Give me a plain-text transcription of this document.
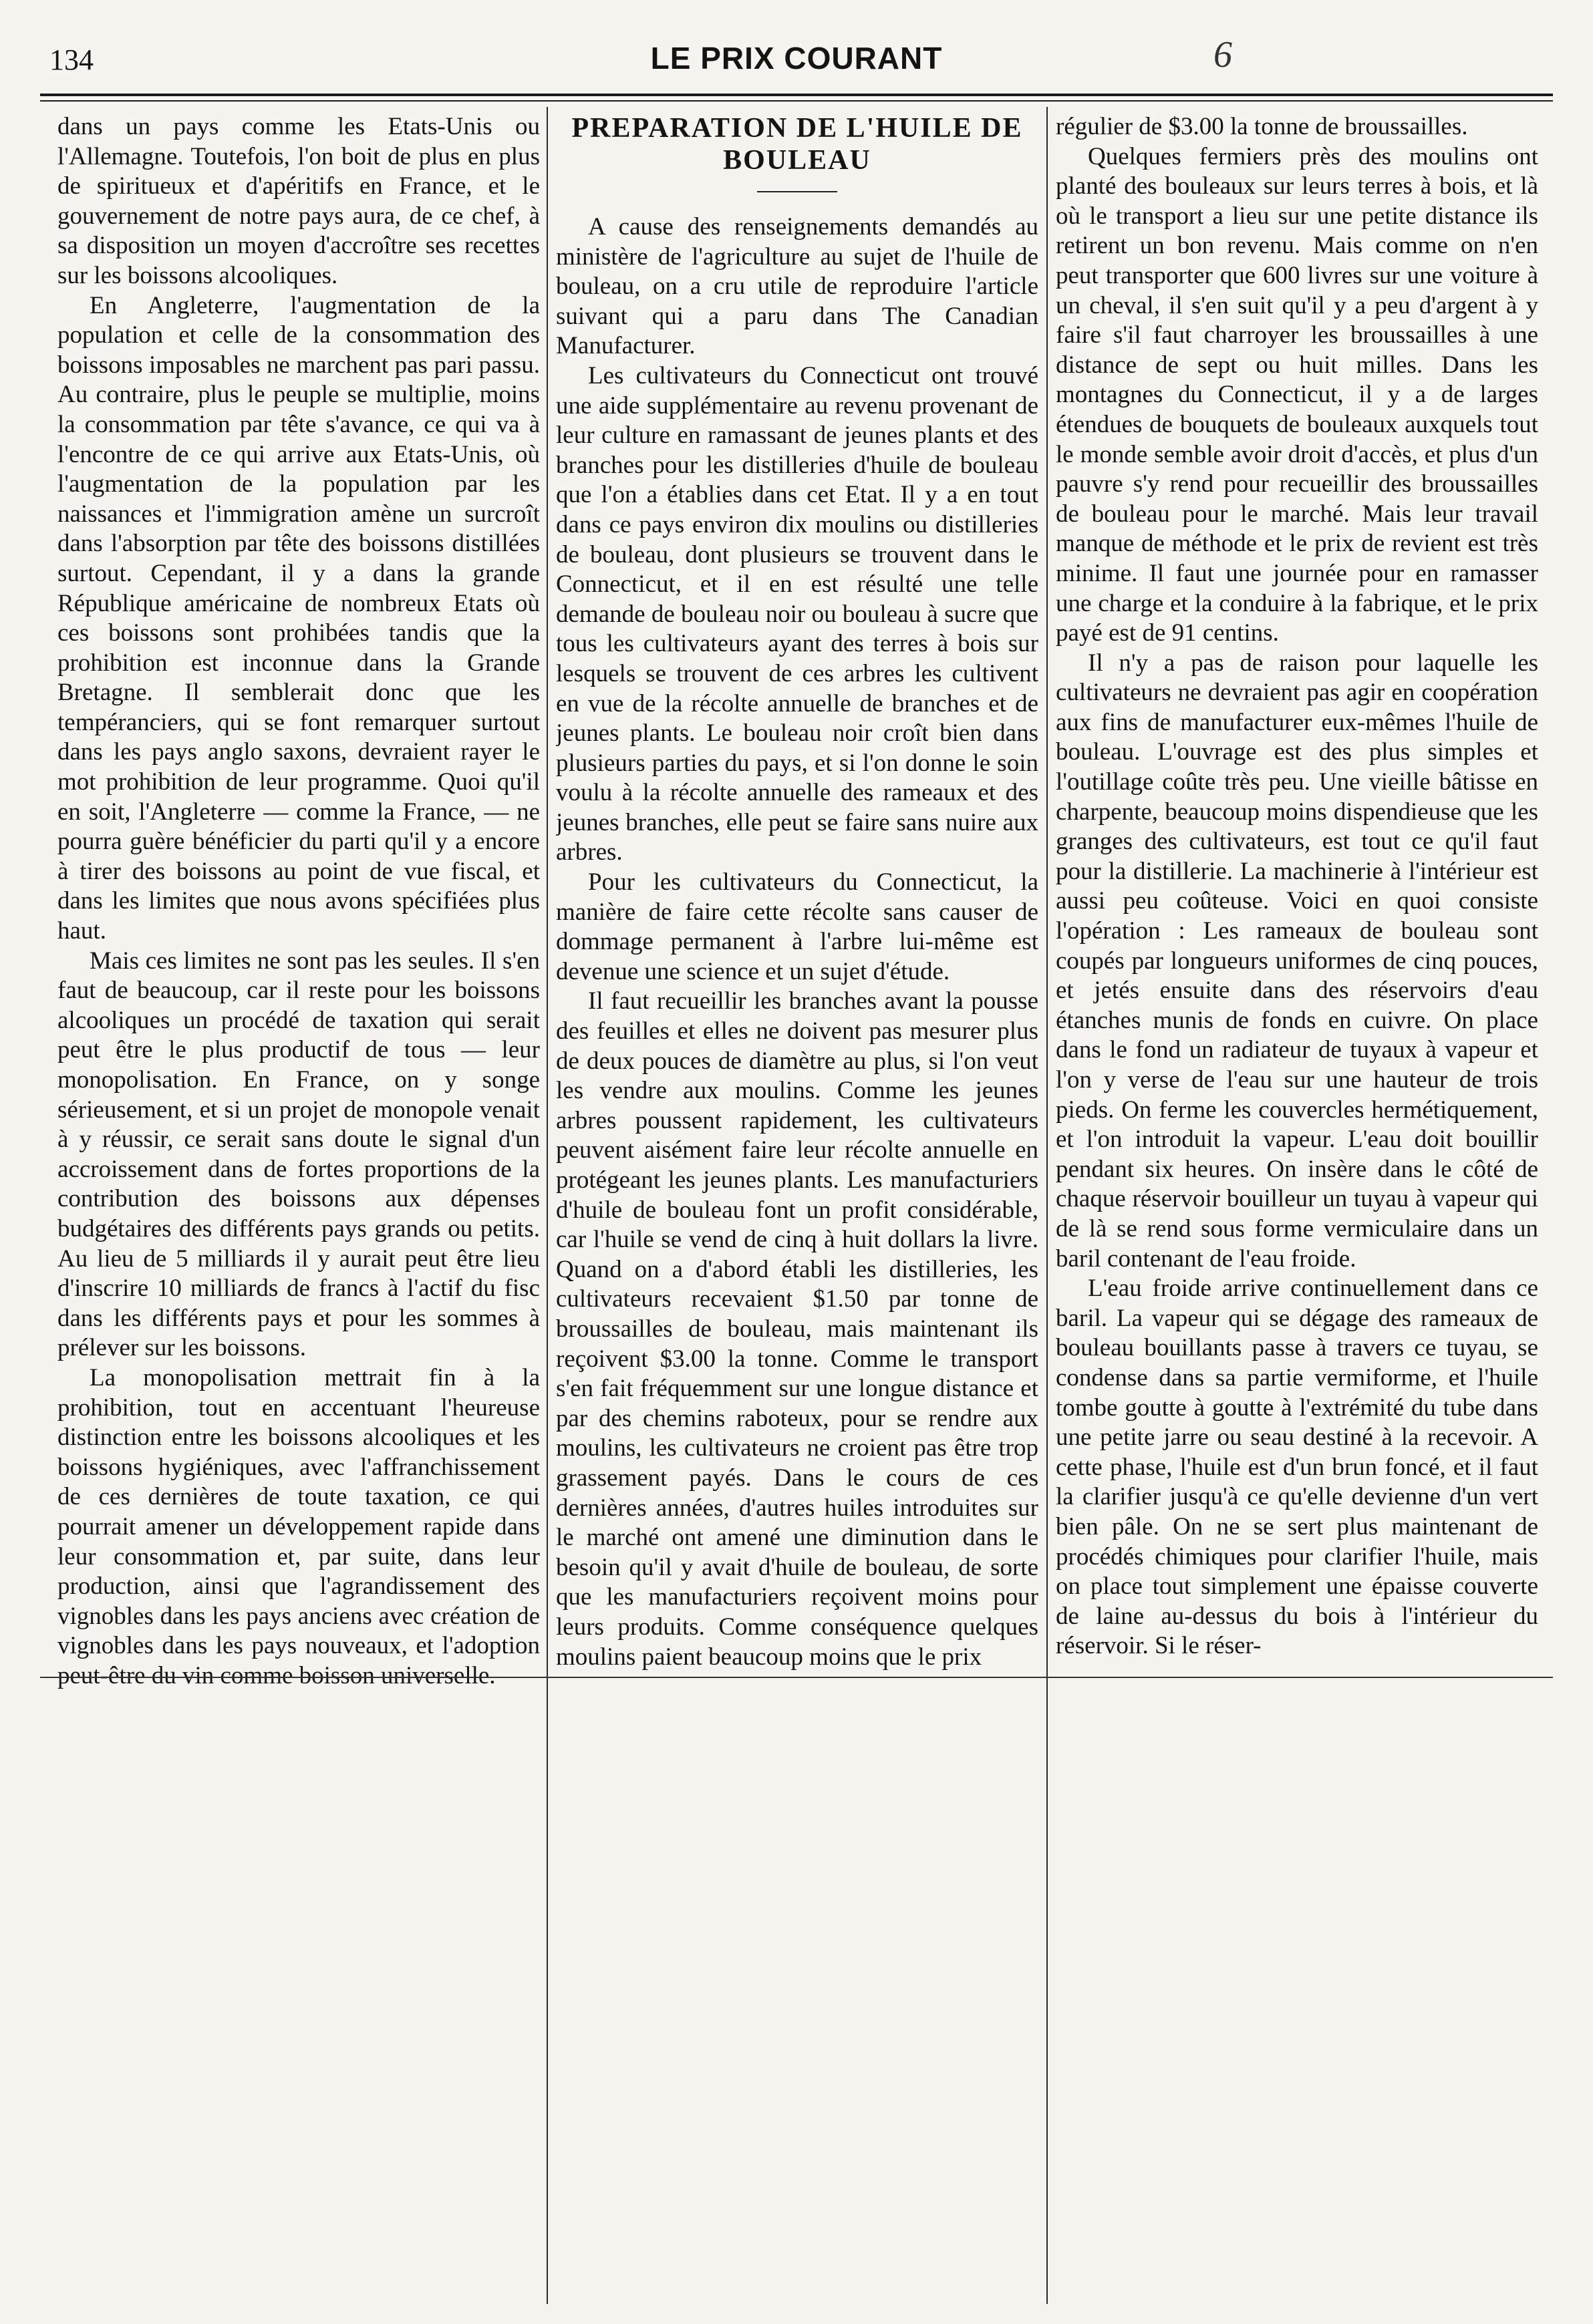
134	LE PRIX COURANT	6

dans un pays comme les Etats-Unis ou l'Allemagne. Toutefois, l'on boit de plus en plus de spiritueux et d'apéritifs en France, et le gouvernement de notre pays aura, de ce chef, à sa disposition un moyen d'accroître ses recettes sur les boissons alcooliques.

En Angleterre, l'augmentation de la population et celle de la consommation des boissons imposables ne marchent pas pari passu. Au contraire, plus le peuple se multiplie, moins la consommation par tête s'avance, ce qui va à l'encontre de ce qui arrive aux Etats-Unis, où l'augmentation de la population par les naissances et l'immigration amène un surcroît dans l'absorption par tête des boissons distillées surtout. Cependant, il y a dans la grande République américaine de nombreux Etats où ces boissons sont prohibées tandis que la prohibition est inconnue dans la Grande Bretagne. Il semblerait donc que les tempéranciers, qui se font remarquer surtout dans les pays anglo saxons, devraient rayer le mot prohibition de leur programme. Quoi qu'il en soit, l'Angleterre — comme la France, — ne pourra guère bénéficier du parti qu'il y a encore à tirer des boissons au point de vue fiscal, et dans les limites que nous avons spécifiées plus haut.

Mais ces limites ne sont pas les seules. Il s'en faut de beaucoup, car il reste pour les boissons alcooliques un procédé de taxation qui serait peut être le plus productif de tous — leur monopolisation. En France, on y songe sérieusement, et si un projet de monopole venait à y réussir, ce serait sans doute le signal d'un accroissement dans de fortes proportions de la contribution des boissons aux dépenses budgétaires des différents pays grands ou petits. Au lieu de 5 milliards il y aurait peut être lieu d'inscrire 10 milliards de francs à l'actif du fisc dans les différents pays et pour les sommes à prélever sur les boissons.

La monopolisation mettrait fin à la prohibition, tout en accentuant l'heureuse distinction entre les boissons alcooliques et les boissons hygiéniques, avec l'affranchissement de ces dernières de toute taxation, ce qui pourrait amener un développement rapide dans leur consommation et, par suite, dans leur production, ainsi que l'agrandissement des vignobles dans les pays anciens avec création de vignobles dans les pays nouveaux, et l'adoption peut-être du vin comme boisson universelle.

PREPARATION DE L'HUILE DE BOULEAU

A cause des renseignements demandés au ministère de l'agriculture au sujet de l'huile de bouleau, on a cru utile de reproduire l'article suivant qui a paru dans The Canadian Manufacturer.

Les cultivateurs du Connecticut ont trouvé une aide supplémentaire au revenu provenant de leur culture en ramassant de jeunes plants et des branches pour les distilleries d'huile de bouleau que l'on a établies dans cet Etat. Il y a en tout dans ce pays environ dix moulins ou distilleries de bouleau, dont plusieurs se trouvent dans le Connecticut, et il en est résulté une telle demande de bouleau noir ou bouleau à sucre que tous les cultivateurs ayant des terres à bois sur lesquels se trouvent de ces arbres les cultivent en vue de la récolte annuelle de branches et de jeunes plants. Le bouleau noir croît bien dans plusieurs parties du pays, et si l'on donne le soin voulu à la récolte annuelle des rameaux et des jeunes branches, elle peut se faire sans nuire aux arbres.

Pour les cultivateurs du Connecticut, la manière de faire cette récolte sans causer de dommage permanent à l'arbre lui-même est devenue une science et un sujet d'étude.

Il faut recueillir les branches avant la pousse des feuilles et elles ne doivent pas mesurer plus de deux pouces de diamètre au plus, si l'on veut les vendre aux moulins. Comme les jeunes arbres poussent rapidement, les cultivateurs peuvent aisément faire leur récolte annuelle en protégeant les jeunes plants. Les manufacturiers d'huile de bouleau font un profit considérable, car l'huile se vend de cinq à huit dollars la livre. Quand on a d'abord établi les distilleries, les cultivateurs recevaient $1.50 par tonne de broussailles de bouleau, mais maintenant ils reçoivent $3.00 la tonne. Comme le transport s'en fait fréquemment sur une longue distance et par des chemins raboteux, pour se rendre aux moulins, les cultivateurs ne croient pas être trop grassement payés. Dans le cours de ces dernières années, d'autres huiles introduites sur le marché ont amené une diminution dans le besoin qu'il y avait d'huile de bouleau, de sorte que les manufacturiers reçoivent moins pour leurs produits. Comme conséquence quelques moulins paient beaucoup moins que le prix

régulier de $3.00 la tonne de broussailles.

Quelques fermiers près des moulins ont planté des bouleaux sur leurs terres à bois, et là où le transport a lieu sur une petite distance ils retirent un bon revenu. Mais comme on n'en peut transporter que 600 livres sur une voiture à un cheval, il s'en suit qu'il y a peu d'argent à y faire s'il faut charroyer les broussailles à une distance de sept ou huit milles. Dans les montagnes du Connecticut, il y a de larges étendues de bouquets de bouleaux auxquels tout le monde semble avoir droit d'accès, et plus d'un pauvre s'y rend pour recueillir des broussailles de bouleau pour le marché. Mais leur travail manque de méthode et le prix de revient est très minime. Il faut une journée pour en ramasser une charge et la conduire à la fabrique, et le prix payé est de 91 centins.

Il n'y a pas de raison pour laquelle les cultivateurs ne devraient pas agir en coopération aux fins de manufacturer eux-mêmes l'huile de bouleau. L'ouvrage est des plus simples et l'outillage coûte très peu. Une vieille bâtisse en charpente, beaucoup moins dispendieuse que les granges des cultivateurs, est tout ce qu'il faut pour la distillerie. La machinerie à l'intérieur est aussi peu coûteuse. Voici en quoi consiste l'opération : Les rameaux de bouleau sont coupés par longueurs uniformes de cinq pouces, et jetés ensuite dans des réservoirs d'eau étanches munis de fonds en cuivre. On place dans le fond un radiateur de tuyaux à vapeur et l'on y verse de l'eau sur une hauteur de trois pieds. On ferme les couvercles hermétiquement, et l'on introduit la vapeur. L'eau doit bouillir pendant six heures. On insère dans le côté de chaque réservoir bouilleur un tuyau à vapeur qui de là se rend sous forme vermiculaire dans un baril contenant de l'eau froide.

L'eau froide arrive continuellement dans ce baril. La vapeur qui se dégage des rameaux de bouleau bouillants passe à travers ce tuyau, se condense dans sa partie vermiforme, et l'huile tombe goutte à goutte à l'extrémité du tube dans une petite jarre ou seau destiné à la recevoir. A cette phase, l'huile est d'un brun foncé, et il faut la clarifier jusqu'à ce qu'elle devienne d'un vert bien pâle. On ne se sert plus maintenant de procédés chimiques pour clarifier l'huile, mais on place tout simplement une épaisse couverte de laine au-dessus du bois à l'intérieur du réservoir. Si le réser-
